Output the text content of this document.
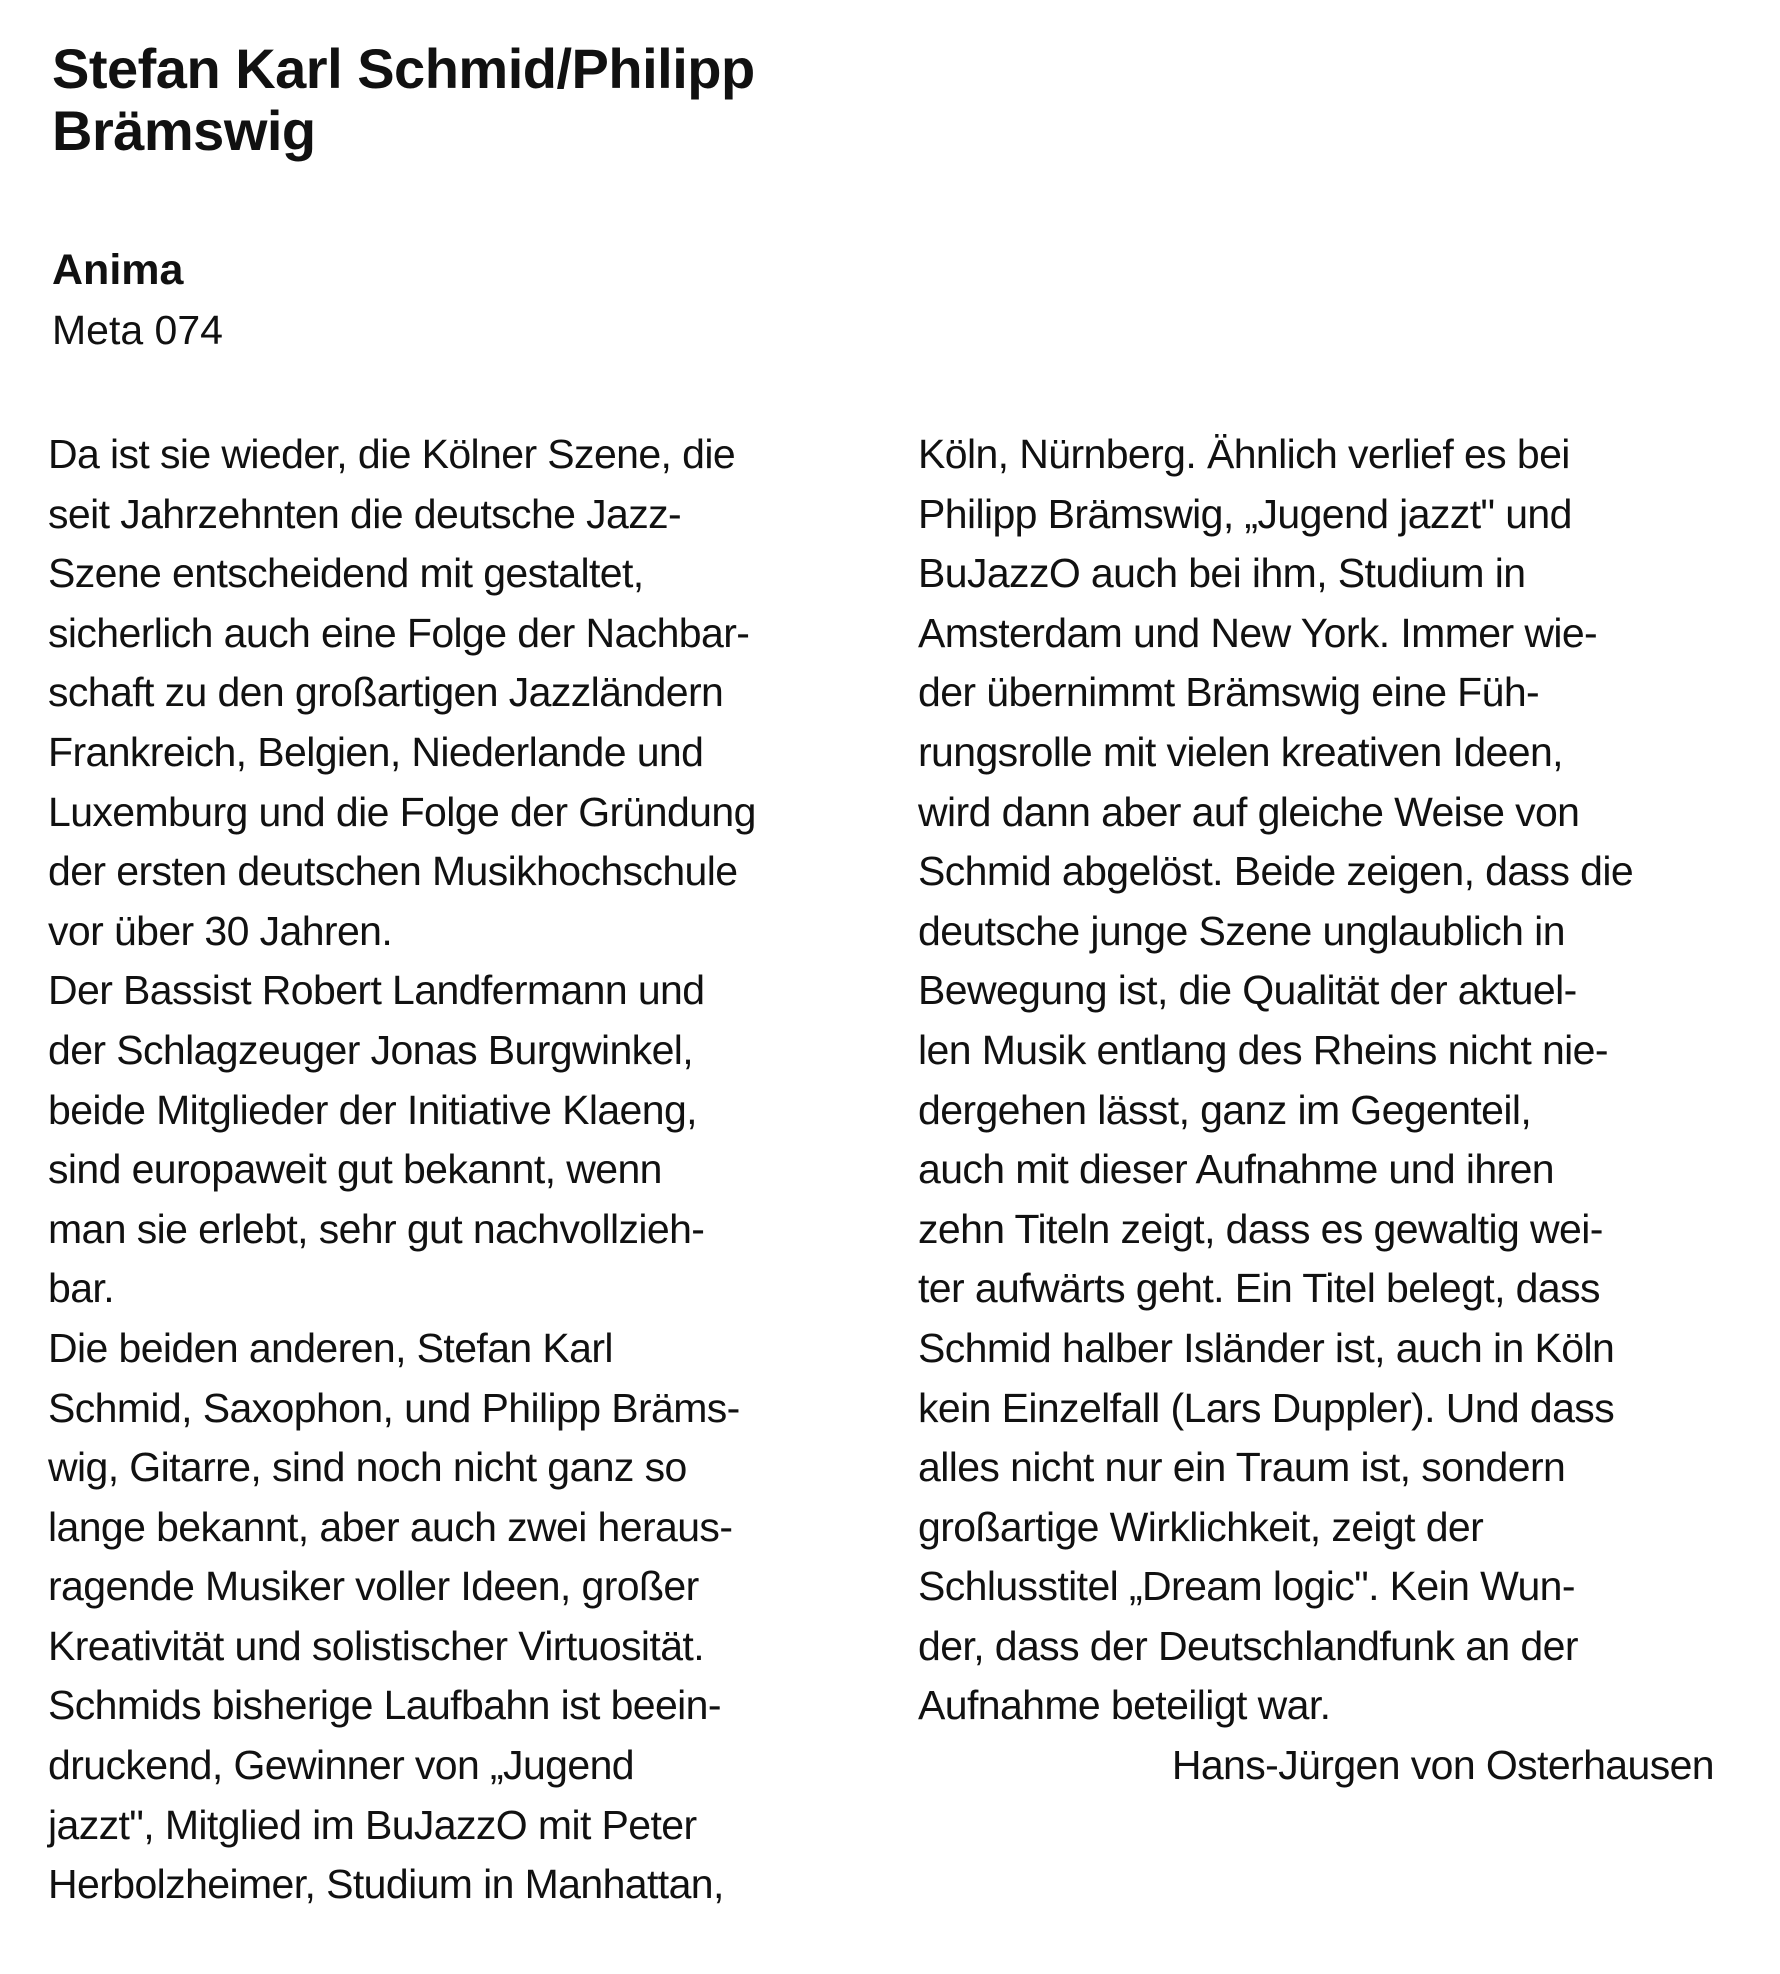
Stefan Karl Schmid/Philipp
Brämswig
Anima

Meta 074

Da ist sie wieder, die Kölner Szene, die
seit Jahrzehnten die deutsche Jazz-
Szene entscheidend mit gestaltet,
sicherlich auch eine Folge der Nachbar-
schaft zu den großartigen Jazzländern
Frankreich, Belgien, Niederlande und
Luxemburg und die Folge der Gründung
der ersten deutschen Musikhochschule
vor über 30 Jahren.
Der Bassist Robert Landfermann und
der Schlagzeuger Jonas Burgwinkel,
beide Mitglieder der Initiative Klaeng,
sind europaweit gut bekannt, wenn
man sie erlebt, sehr gut nachvollzieh-
bar.
Die beiden anderen, Stefan Karl
Schmid, Saxophon, und Philipp Bräms-
wig, Gitarre, sind noch nicht ganz so
lange bekannt, aber auch zwei heraus-
ragende Musiker voller Ideen, großer
Kreativität und solistischer Virtuosität.
Schmids bisherige Laufbahn ist beein-
druckend, Gewinner von „Jugend
jazzt", Mitglied im BuJazzO mit Peter
Herbolzheimer, Studium in Manhattan,
Köln, Nürnberg. Ähnlich verlief es bei
Philipp Brämswig, „Jugend jazzt" und
BuJazzO auch bei ihm, Studium in
Amsterdam und New York. Immer wie-
der übernimmt Brämswig eine Füh-
rungsrolle mit vielen kreativen Ideen,
wird dann aber auf gleiche Weise von
Schmid abgelöst. Beide zeigen, dass die
deutsche junge Szene unglaublich in
Bewegung ist, die Qualität der aktuel-
len Musik entlang des Rheins nicht nie-
dergehen lässt, ganz im Gegenteil,
auch mit dieser Aufnahme und ihren
zehn Titeln zeigt, dass es gewaltig wei-
ter aufwärts geht. Ein Titel belegt, dass
Schmid halber Isländer ist, auch in Köln
kein Einzelfall (Lars Duppler). Und dass
alles nicht nur ein Traum ist, sondern
großartige Wirklichkeit, zeigt der
Schlusstitel „Dream logic". Kein Wun-
der, dass der Deutschlandfunk an der
Aufnahme beteiligt war.
Hans-Jürgen von Osterhausen
